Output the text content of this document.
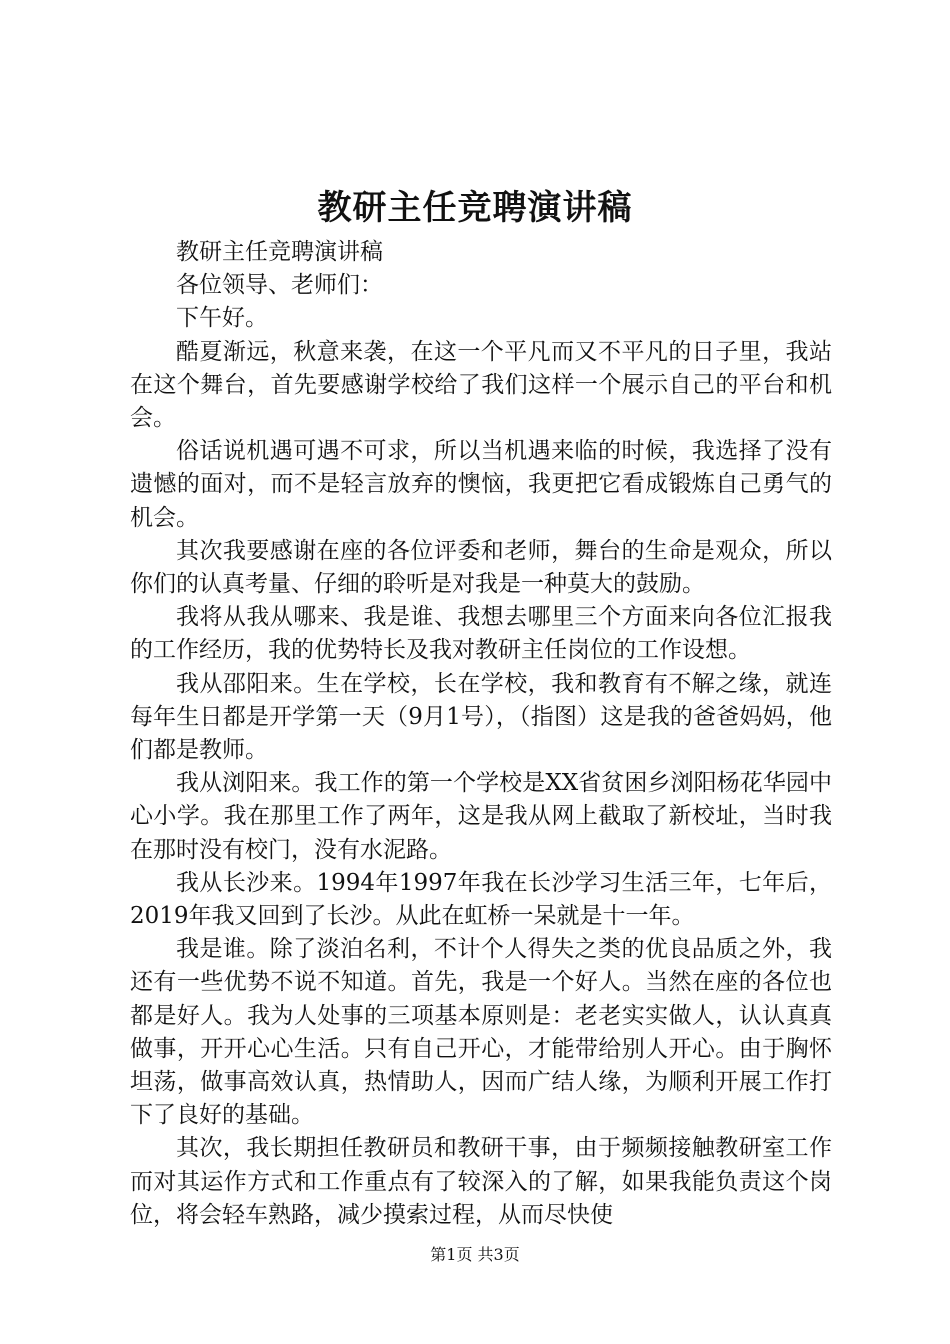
教研主任竞聘演讲稿

教研主任竞聘演讲稿

各位领导、老师们：

下午好。

酷夏渐远，秋意来袭，在这一个平凡而又不平凡的日子里，我站在这个舞台，首先要感谢学校给了我们这样一个展示自己的平台和机会。

俗话说机遇可遇不可求，所以当机遇来临的时候，我选择了没有遗憾的面对，而不是轻言放弃的懊恼，我更把它看成锻炼自己勇气的机会。

其次我要感谢在座的各位评委和老师，舞台的生命是观众，所以你们的认真考量、仔细的聆听是对我是一种莫大的鼓励。

我将从我从哪来、我是谁、我想去哪里三个方面来向各位汇报我的工作经历，我的优势特长及我对教研主任岗位的工作设想。

我从邵阳来。生在学校，长在学校，我和教育有不解之缘，就连每年生日都是开学第一天（9月1号），（指图）这是我的爸爸妈妈，他们都是教师。

我从浏阳来。我工作的第一个学校是XX省贫困乡浏阳杨花华园中心小学。我在那里工作了两年，这是我从网上截取了新校址，当时我在那时没有校门，没有水泥路。

我从长沙来。1994年1997年我在长沙学习生活三年，七年后，2019年我又回到了长沙。从此在虹桥一呆就是十一年。

我是谁。除了淡泊名利，不计个人得失之类的优良品质之外，我还有一些优势不说不知道。首先，我是一个好人。当然在座的各位也都是好人。我为人处事的三项基本原则是：老老实实做人，认认真真做事，开开心心生活。只有自己开心，才能带给别人开心。由于胸怀坦荡，做事高效认真，热情助人，因而广结人缘，为顺利开展工作打下了良好的基础。

其次，我长期担任教研员和教研干事，由于频频接触教研室工作而对其运作方式和工作重点有了较深入的了解，如果我能负责这个岗位，将会轻车熟路，减少摸索过程，从而尽快使

第1页 共3页
